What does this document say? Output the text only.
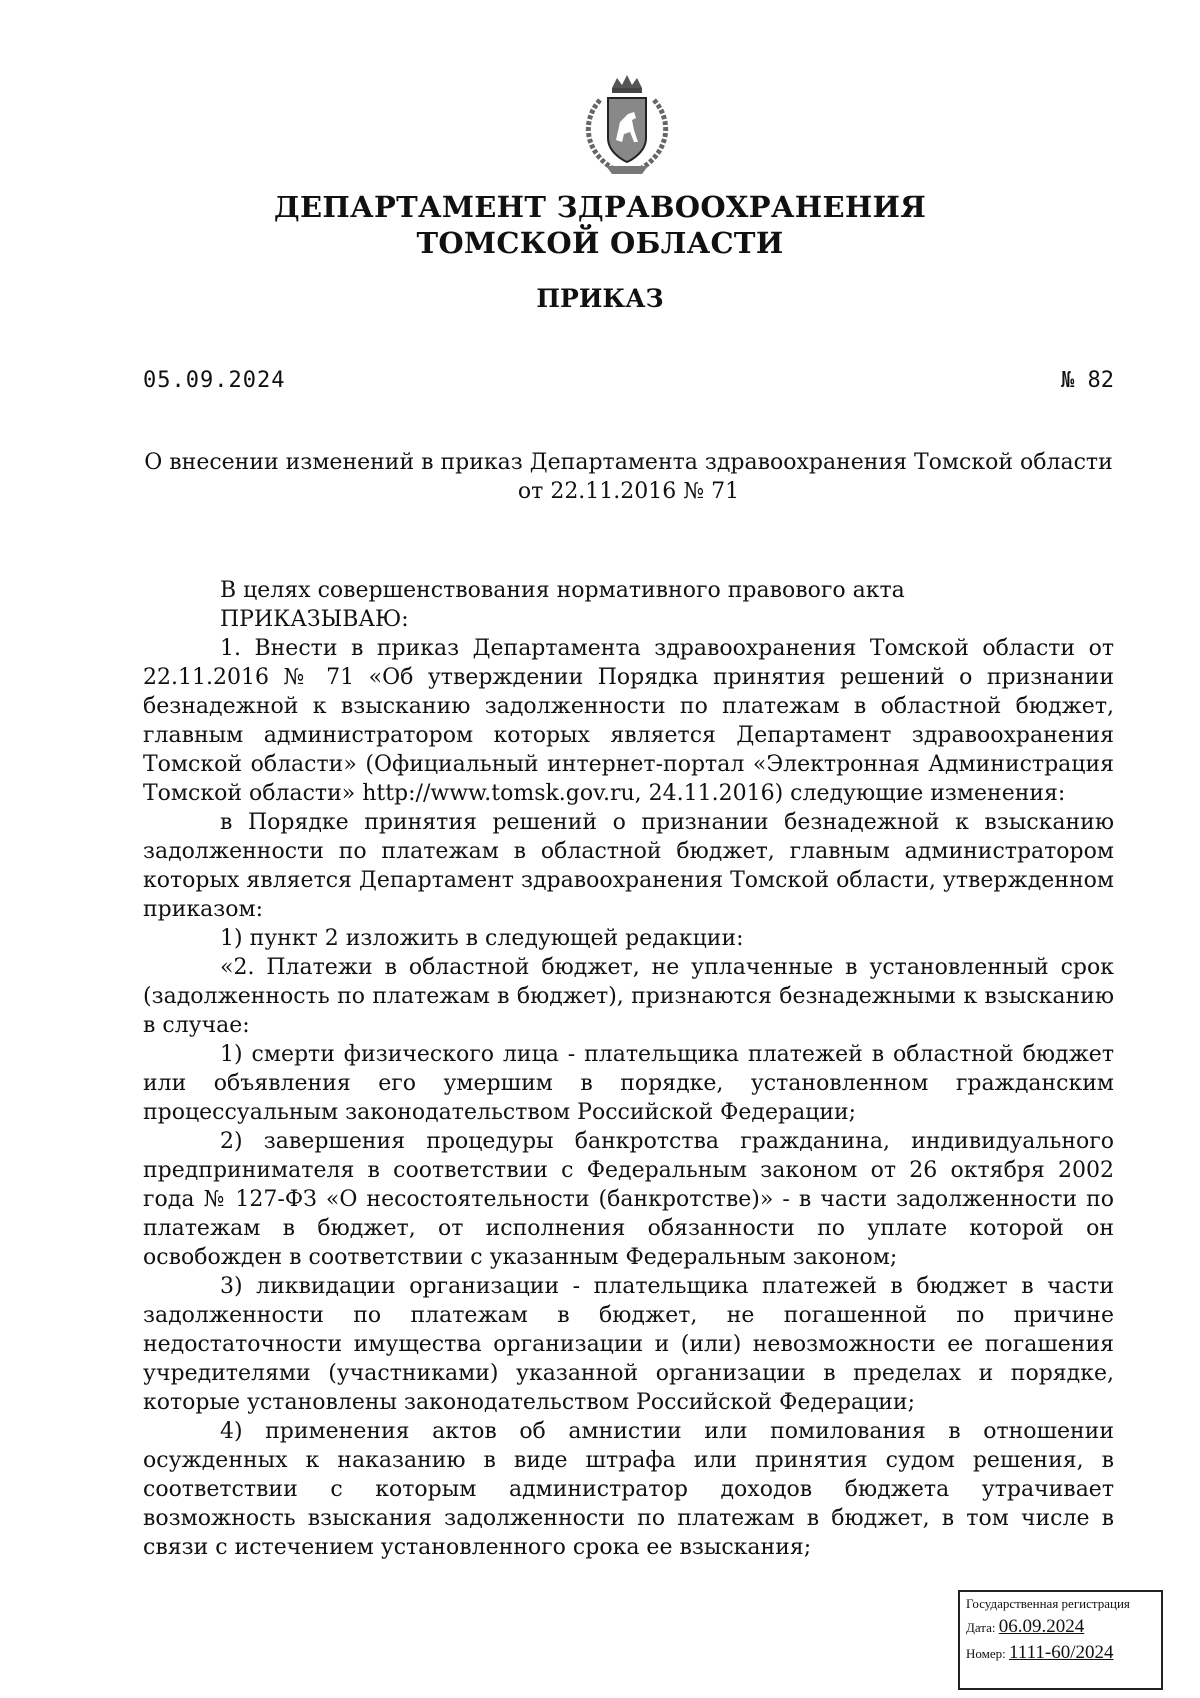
ДЕПАРТАМЕНТ ЗДРАВООХРАНЕНИЯ
ТОМСКОЙ ОБЛАСТИ
ПРИКАЗ
05.09.2024	№ 82
О внесении изменений в приказ Департамента здравоохранения Томской области
от 22.11.2016 № 71

В целях совершенствования нормативного правового акта

ПРИКАЗЫВАЮ:

1. Внести в приказ Департамента здравоохранения Томской области от 22.11.2016 № 71 «Об утверждении Порядка принятия решений о признании безнадежной к взысканию задолженности по платежам в областной бюджет, главным администратором которых является Департамент здравоохранения Томской области» (Официальный интернет-портал «Электронная Администрация Томской области» http://www.tomsk.gov.ru, 24.11.2016) следующие изменения:

в Порядке принятия решений о признании безнадежной к взысканию задолженности по платежам в областной бюджет, главным администратором которых является Департамент здравоохранения Томской области, утвержденном приказом:

1) пункт 2 изложить в следующей редакции:

«2. Платежи в областной бюджет, не уплаченные в установленный срок (задолженность по платежам в бюджет), признаются безнадежными к взысканию в случае:

1) смерти физического лица - плательщика платежей в областной бюджет или объявления его умершим в порядке, установленном гражданским процессуальным законодательством Российской Федерации;

2) завершения процедуры банкротства гражданина, индивидуального предпринимателя в соответствии с Федеральным законом от 26 октября 2002 года № 127-ФЗ «О несостоятельности (банкротстве)» - в части задолженности по платежам в бюджет, от исполнения обязанности по уплате которой он освобожден в соответствии с указанным Федеральным законом;

3) ликвидации организации - плательщика платежей в бюджет в части задолженности по платежам в бюджет, не погашенной по причине недостаточности имущества организации и (или) невозможности ее погашения учредителями (участниками) указанной организации в пределах и порядке, которые установлены законодательством Российской Федерации;

4) применения актов об амнистии или помилования в отношении осужденных к наказанию в виде штрафа или принятия судом решения, в соответствии с которым администратор доходов бюджета утрачивает возможность взыскания задолженности по платежам в бюджет, в том числе в связи с истечением установленного срока ее взыскания;

Государственная регистрация
Дата: 06.09.2024
Номер: 1111-60/2024
